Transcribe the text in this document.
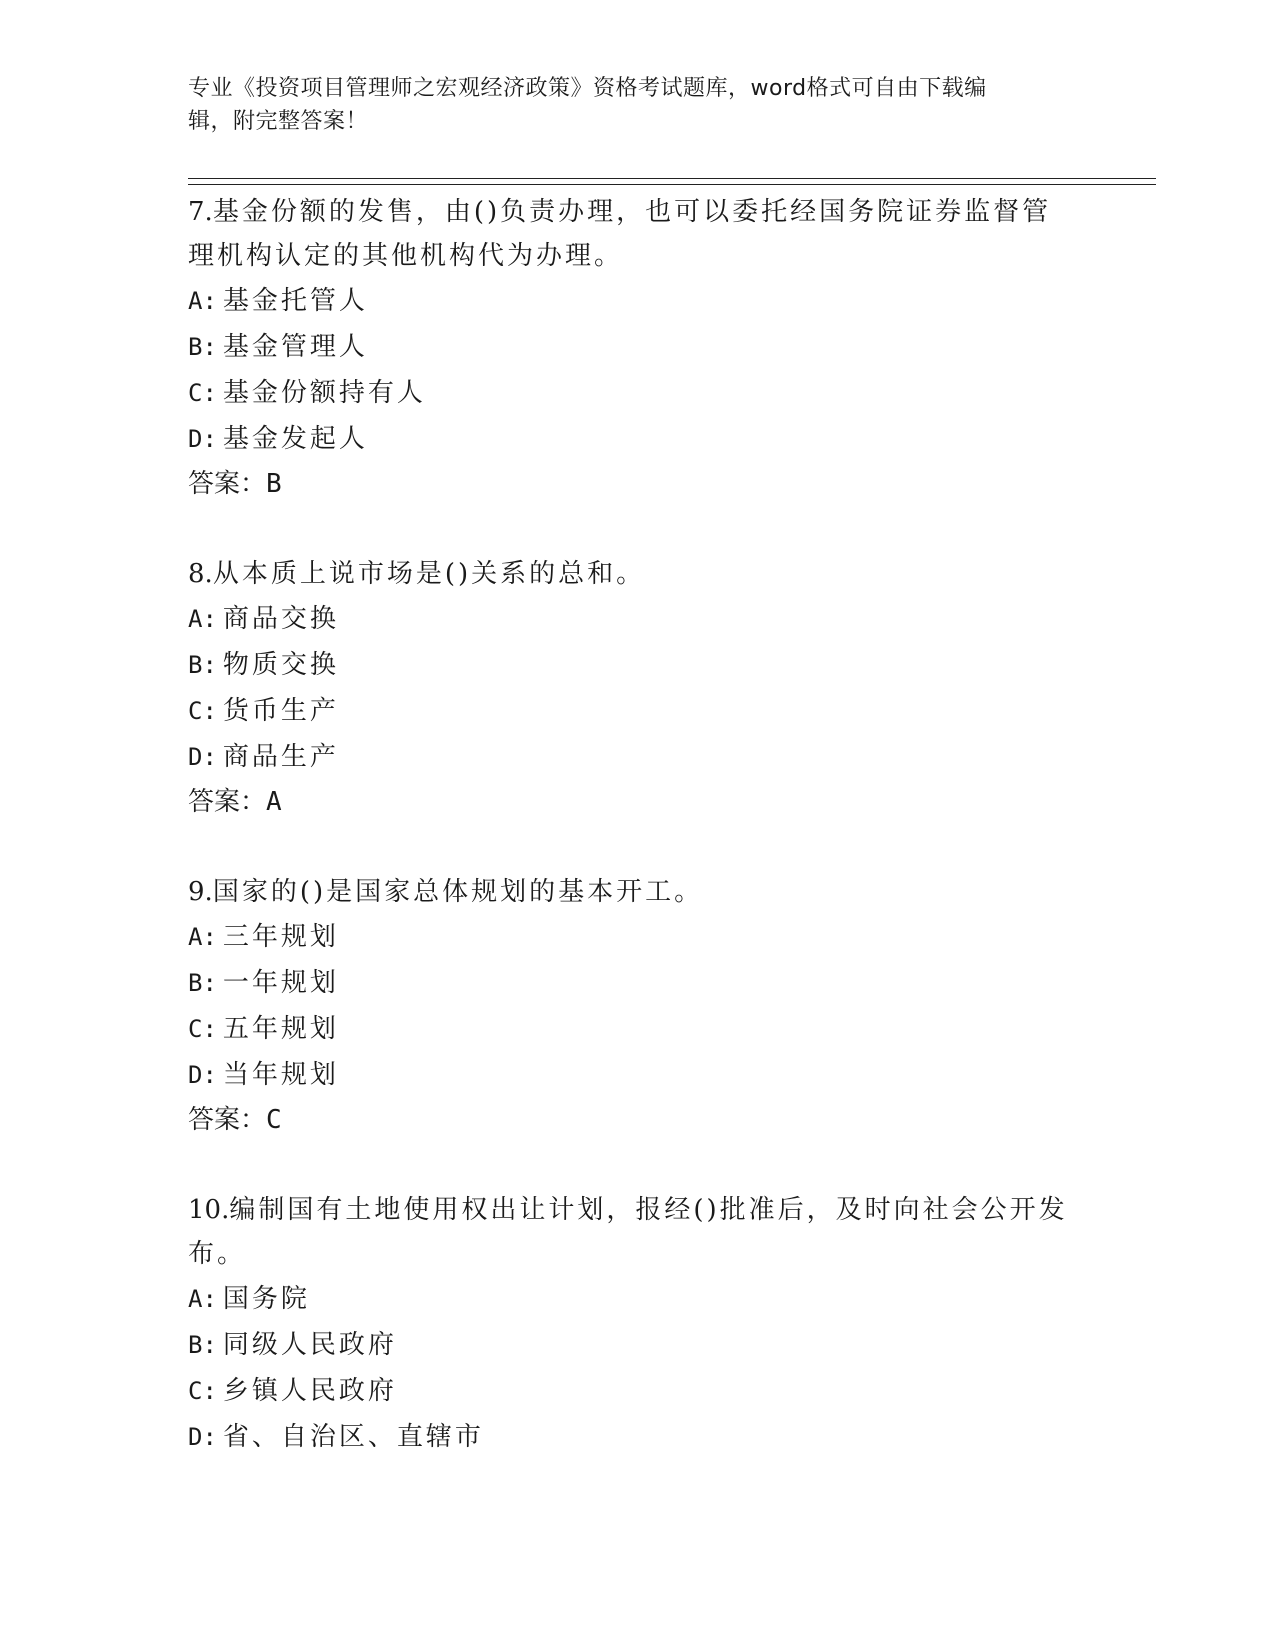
专业《投资项目管理师之宏观经济政策》资格考试题库，word格式可自由下载编
辑，附完整答案！
7.基金份额的发售，由()负责办理，也可以委托经国务院证券监督管
理机构认定的其他机构代为办理。
A: 基金托管人
B: 基金管理人
C: 基金份额持有人
D: 基金发起人
答案：B
8.从本质上说市场是()关系的总和。
A: 商品交换
B: 物质交换
C: 货币生产
D: 商品生产
答案：A
9.国家的()是国家总体规划的基本开工。
A: 三年规划
B: 一年规划
C: 五年规划
D: 当年规划
答案：C
10.编制国有土地使用权出让计划，报经()批准后，及时向社会公开发
布。
A: 国务院
B: 同级人民政府
C: 乡镇人民政府
D: 省、自治区、直辖市
